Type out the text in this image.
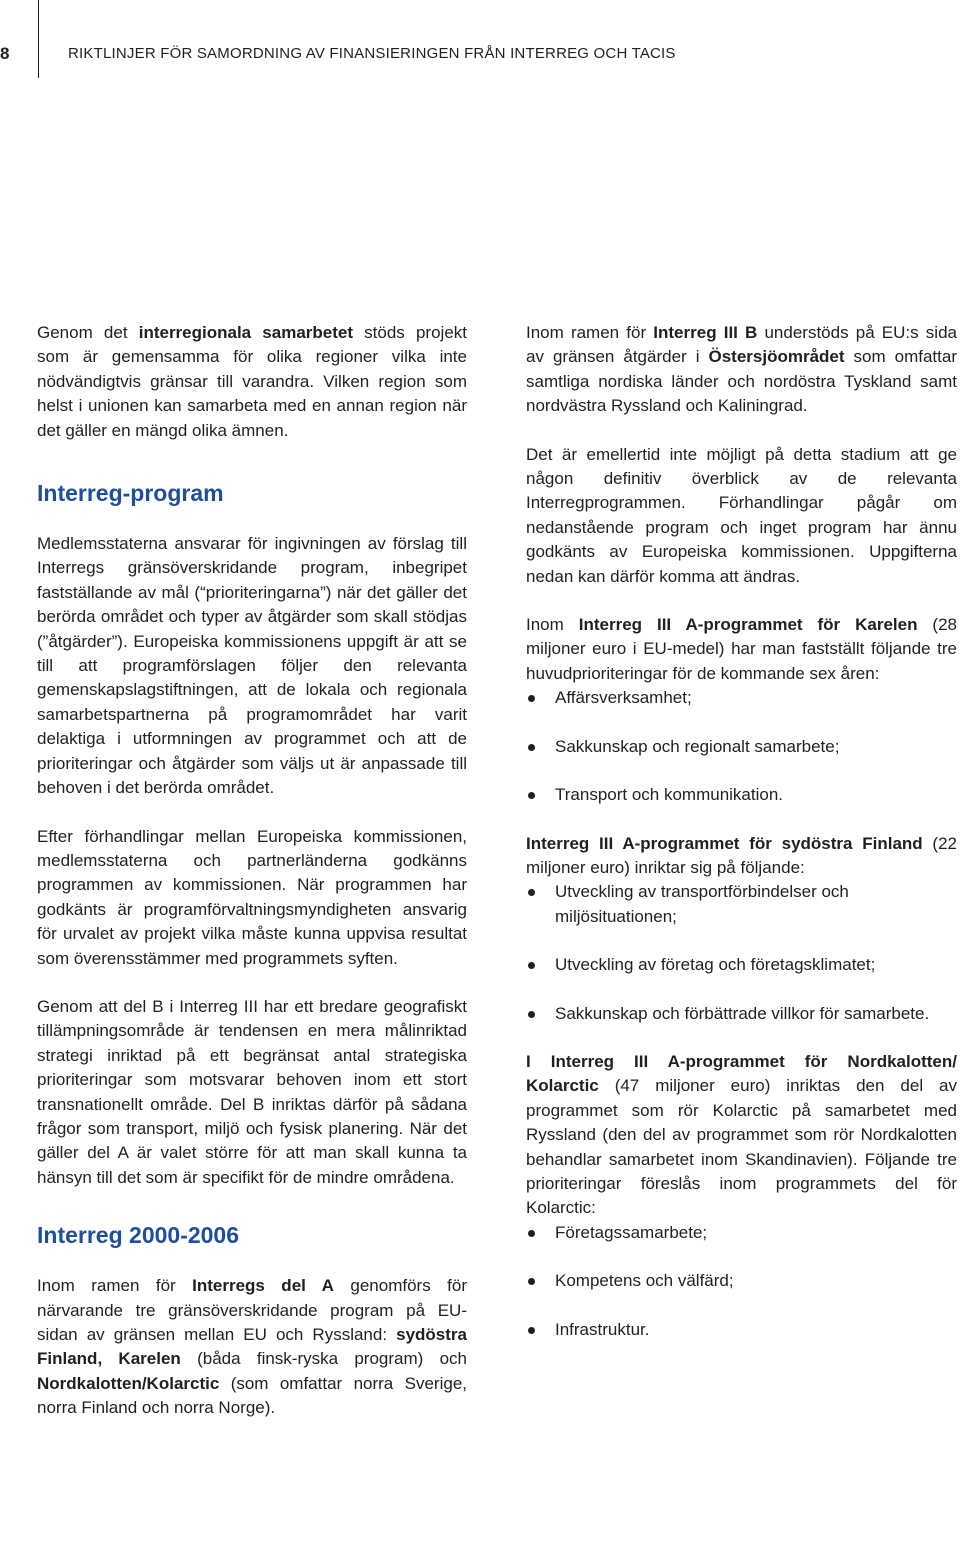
8	RIKTLINJER FÖR SAMORDNING AV FINANSIERINGEN FRÅN INTERREG OCH TACIS

Genom det interregionala samarbetet stöds projekt som är gemensamma för olika regioner vilka inte nödvändigtvis gränsar till varandra. Vilken region som helst i unionen kan samarbeta med en annan region när det gäller en mängd olika ämnen.

Interreg-program

Medlemsstaterna ansvarar för ingivningen av förslag till Interregs gränsöverskridande program, inbegripet fastställande av mål (“prioriteringarna”) när det gäller det berörda området och typer av åtgärder som skall stödjas (”åtgärder”). Europeiska kommissionens uppgift är att se till att programförslagen följer den relevanta gemenskapslagstiftningen, att de lokala och regionala samarbetspartnerna på programområdet har varit delaktiga i utformningen av programmet och att de prioriteringar och åtgärder som väljs ut är anpassade till behoven i det berörda området.

Efter förhandlingar mellan Europeiska kommissionen, medlemsstaterna och partnerländerna godkänns programmen av kommissionen. När programmen har godkänts är programförvaltningsmyndigheten ansvarig för urvalet av projekt vilka måste kunna uppvisa resultat som överensstämmer med programmets syften.

Genom att del B i Interreg III har ett bredare geografiskt tillämpningsområde är tendensen en mera målinriktad strategi inriktad på ett begränsat antal strategiska prioriteringar som motsvarar behoven inom ett stort transnationellt område. Del B inriktas därför på sådana frågor som transport, miljö och fysisk planering. När det gäller del A är valet större för att man skall kunna ta hänsyn till det som är specifikt för de mindre områdena.

Interreg 2000-2006

Inom ramen för Interregs del A genomförs för närvarande tre gränsöverskridande program på EU-sidan av gränsen mellan EU och Ryssland: sydöstra Finland, Karelen (båda finsk-ryska program) och Nordkalotten/Kolarctic (som omfattar norra Sverige, norra Finland och norra Norge).

Inom ramen för Interreg III B understöds på EU:s sida av gränsen åtgärder i Östersjöområdet som omfattar samtliga nordiska länder och nordöstra Tyskland samt nordvästra Ryssland och Kaliningrad.

Det är emellertid inte möjligt på detta stadium att ge någon definitiv överblick av de relevanta Interregprogrammen. Förhandlingar pågår om nedanstående program och inget program har ännu godkänts av Europeiska kommissionen. Uppgifterna nedan kan därför komma att ändras.

Inom Interreg III A-programmet för Karelen (28 miljoner euro i EU-medel) har man fastställt följande tre huvudprioriteringar för de kommande sex åren:

Affärsverksamhet;
Sakkunskap och regionalt samarbete;
Transport och kommunikation.

Interreg III A-programmet för sydöstra Finland (22 miljoner euro) inriktar sig på följande:

Utveckling av transportförbindelser och miljösituationen;
Utveckling av företag och företagsklimatet;
Sakkunskap och förbättrade villkor för samarbete.

I Interreg III A-programmet för Nordkalotten/ Kolarctic (47 miljoner euro) inriktas den del av programmet som rör Kolarctic på samarbetet med Ryssland (den del av programmet som rör Nordkalotten behandlar samarbetet inom Skandinavien). Följande tre prioriteringar föreslås inom programmets del för Kolarctic:

Företagssamarbete;
Kompetens och välfärd;
Infrastruktur.
